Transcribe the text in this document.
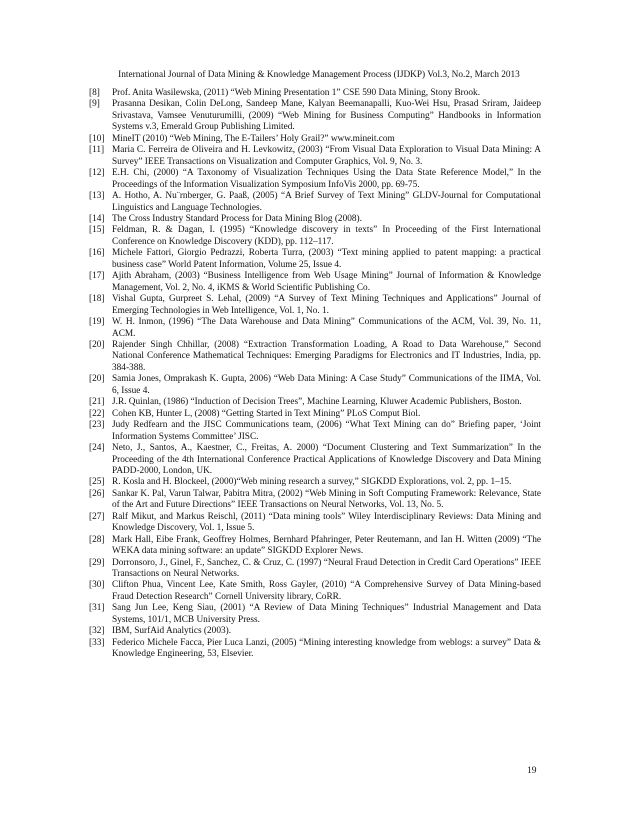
International Journal of Data Mining & Knowledge Management Process (IJDKP) Vol.3, No.2, March 2013
[8]	Prof. Anita Wasilewska, (2011) “Web Mining Presentation 1” CSE 590 Data Mining, Stony Brook.
[9]	Prasanna Desikan, Colin DeLong, Sandeep Mane, Kalyan Beemanapalli, Kuo-Wei Hsu, Prasad Sriram, Jaideep Srivastava, Vamsee Venuturumilli, (2009) “Web Mining for Business Computing” Handbooks in Information Systems v.3, Emerald Group Publishing Limited.
[10] MineIT (2010) “Web Mining, The E-Tailers’ Holy Grail?” www.mineit.com
[11] Maria C. Ferreira de Oliveira and H. Levkowitz, (2003) “From Visual Data Exploration to Visual Data Mining: A Survey” IEEE Transactions on Visualization and Computer Graphics, Vol. 9, No. 3.
[12] E.H. Chi, (2000) “A Taxonomy of Visualization Techniques Using the Data State Reference Model,” In the Proceedings of the Information Visualization Symposium InfoVis 2000, pp. 69-75.
[13] A. Hotho, A. Nu¨rnberger, G. Paaß, (2005) “A Brief Survey of Text Mining” GLDV-Journal for Computational Linguistics and Language Technologies.
[14] The Cross Industry Standard Process for Data Mining Blog (2008).
[15] Feldman, R. & Dagan, I. (1995) “Knowledge discovery in texts” In Proceeding of the First International Conference on Knowledge Discovery (KDD), pp. 112–117.
[16] Michele Fattori, Giorgio Pedrazzi, Roberta Turra, (2003) “Text mining applied to patent mapping: a practical business case” World Patent Information, Volume 25, Issue 4.
[17] Ajith Abraham, (2003) “Business Intelligence from Web Usage Mining” Journal of Information & Knowledge Management, Vol. 2, No. 4, iKMS & World Scientific Publishing Co.
[18] Vishal Gupta, Gurpreet S. Lehal, (2009) “A Survey of Text Mining Techniques and Applications” Journal of Emerging Technologies in Web Intelligence, Vol. 1, No. 1.
[19] W. H. Inmon, (1996) “The Data Warehouse and Data Mining” Communications of the ACM, Vol. 39, No. 11, ACM.
[20] Rajender Singh Chhillar, (2008) “Extraction Transformation Loading, A Road to Data Warehouse,” Second National Conference Mathematical Techniques: Emerging Paradigms for Electronics and IT Industries, India, pp. 384-388.
[20] Samia Jones, Omprakash K. Gupta, 2006) “Web Data Mining: A Case Study” Communications of the IIMA, Vol. 6, Issue 4.
[21] J.R. Quinlan, (1986) “Induction of Decision Trees”, Machine Learning, Kluwer Academic Publishers, Boston.
[22] Cohen KB, Hunter L, (2008) “Getting Started in Text Mining” PLoS Comput Biol.
[23] Judy Redfearn and the JISC Communications team, (2006) “What Text Mining can do” Briefing paper, ‘Joint Information Systems Committee’ JISC.
[24] Neto, J., Santos, A., Kaestner, C., Freitas, A. 2000) “Document Clustering and Text Summarization” In the Proceeding of the 4th International Conference Practical Applications of Knowledge Discovery and Data Mining PADD-2000, London, UK.
[25] R. Kosla and H. Blockeel, (2000)“Web mining research a survey,” SIGKDD Explorations, vol. 2, pp. 1–15.
[26] Sankar K. Pal, Varun Talwar, Pabitra Mitra, (2002) “Web Mining in Soft Computing Framework: Relevance, State of the Art and Future Directions” IEEE Transactions on Neural Networks, Vol. 13, No. 5.
[27] Ralf Mikut, and Markus Reischl, (2011) “Data mining tools” Wiley Interdisciplinary Reviews: Data Mining and Knowledge Discovery, Vol. 1, Issue 5.
[28] Mark Hall, Eibe Frank, Geoffrey Holmes, Bernhard Pfahringer, Peter Reutemann, and Ian H. Witten (2009) “The WEKA data mining software: an update” SIGKDD Explorer News.
[29] Dorronsoro, J., Ginel, F., Sanchez, C. & Cruz, C. (1997) “Neural Fraud Detection in Credit Card Operations” IEEE Transactions on Neural Networks.
[30] Clifton Phua, Vincent Lee, Kate Smith, Ross Gayler, (2010) “A Comprehensive Survey of Data Mining-based Fraud Detection Research” Cornell University library, CoRR.
[31] Sang Jun Lee, Keng Siau, (2001) “A Review of Data Mining Techniques” Industrial Management and Data Systems, 101/1, MCB University Press.
[32] IBM, SurfAid Analytics (2003).
[33] Federico Michele Facca, Pier Luca Lanzi, (2005) “Mining interesting knowledge from weblogs: a survey” Data & Knowledge Engineering, 53, Elsevier.
19
